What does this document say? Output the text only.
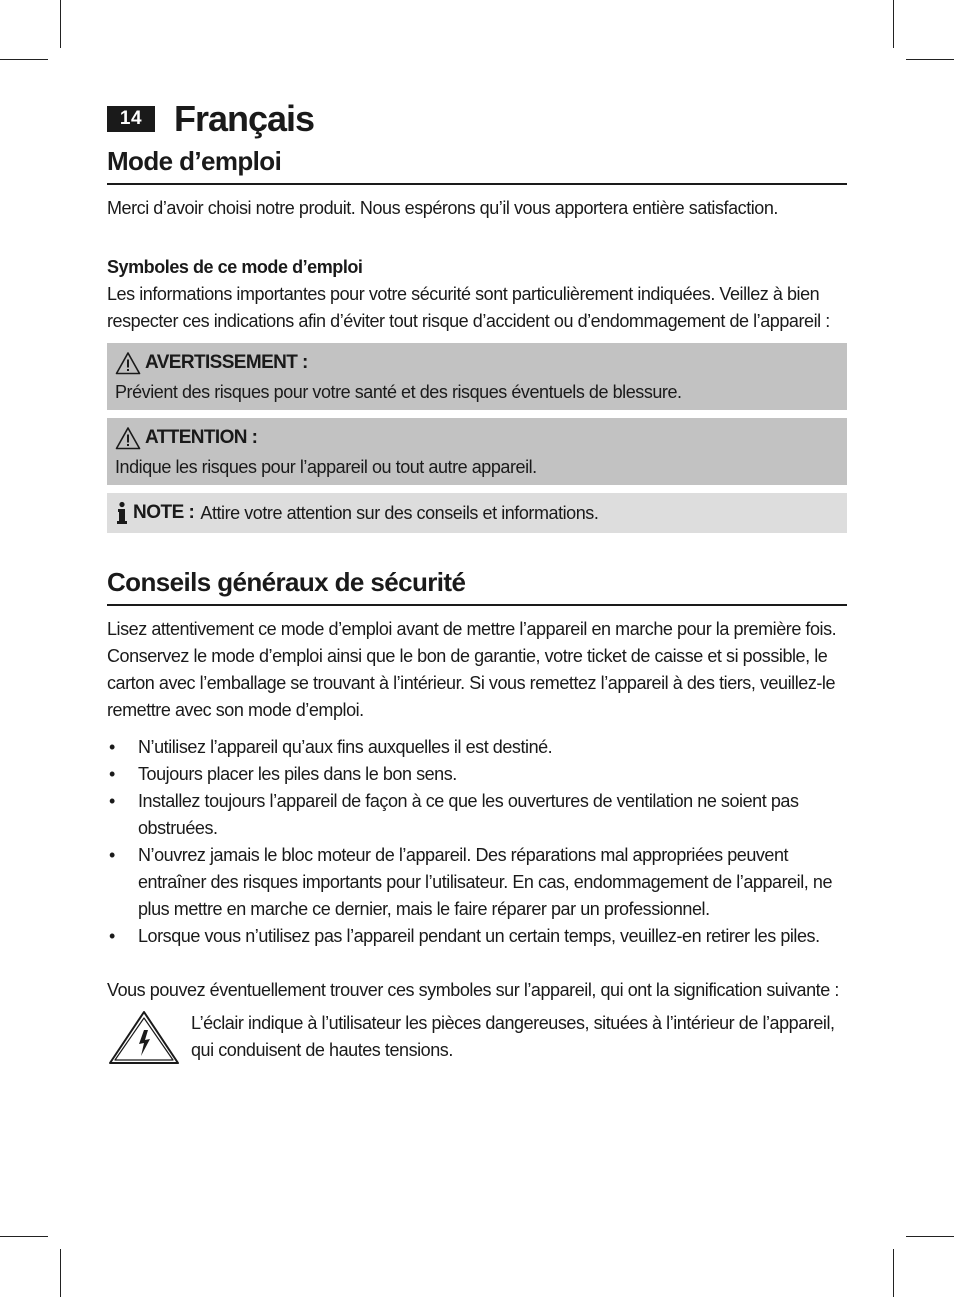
14 Français
Mode d’emploi

Merci d’avoir choisi notre produit. Nous espérons qu’il vous apportera entière satisfaction.

Symboles de ce mode d’emploi

Les informations importantes pour votre sécurité sont particulièrement indiquées. Veillez à bien respecter ces indications afin d’éviter tout risque d’accident ou d’endommagement de l’appareil :

AVERTISSEMENT :
Prévient des risques pour votre santé et des risques éventuels de blessure.
ATTENTION :
Indique les risques pour l’appareil ou tout autre appareil.
NOTE : Attire votre attention sur des conseils et informations.
Conseils généraux de sécurité

Lisez attentivement ce mode d’emploi avant de mettre l’appareil en marche pour la première fois. Conservez le mode d’emploi ainsi que le bon de garantie, votre ticket de caisse et si possible, le carton avec l’emballage se trouvant à l’intérieur. Si vous remettez l’appareil à des tiers, veuillez-le remettre avec son mode d’emploi.

• N’utilisez l’appareil qu’aux fins auxquelles il est destiné.
• Toujours placer les piles dans le bon sens.
• Installez toujours l’appareil de façon à ce que les ouvertures de ventilation ne soient pas obstruées.
• N’ouvrez jamais le bloc moteur de l’appareil. Des réparations mal appropriées peuvent entraîner des risques importants pour l’utilisateur. En cas, endommagement de l’appareil, ne plus mettre en marche ce dernier, mais le faire réparer par un professionnel.
• Lorsque vous n’utilisez pas l’appareil pendant un certain temps, veuillez-en retirer les piles.

Vous pouvez éventuellement trouver ces symboles sur l’appareil, qui ont la signification suivante :

L’éclair indique à l’utilisateur les pièces dangereuses, situées à l’intérieur de l’appareil, qui conduisent de hautes tensions.
